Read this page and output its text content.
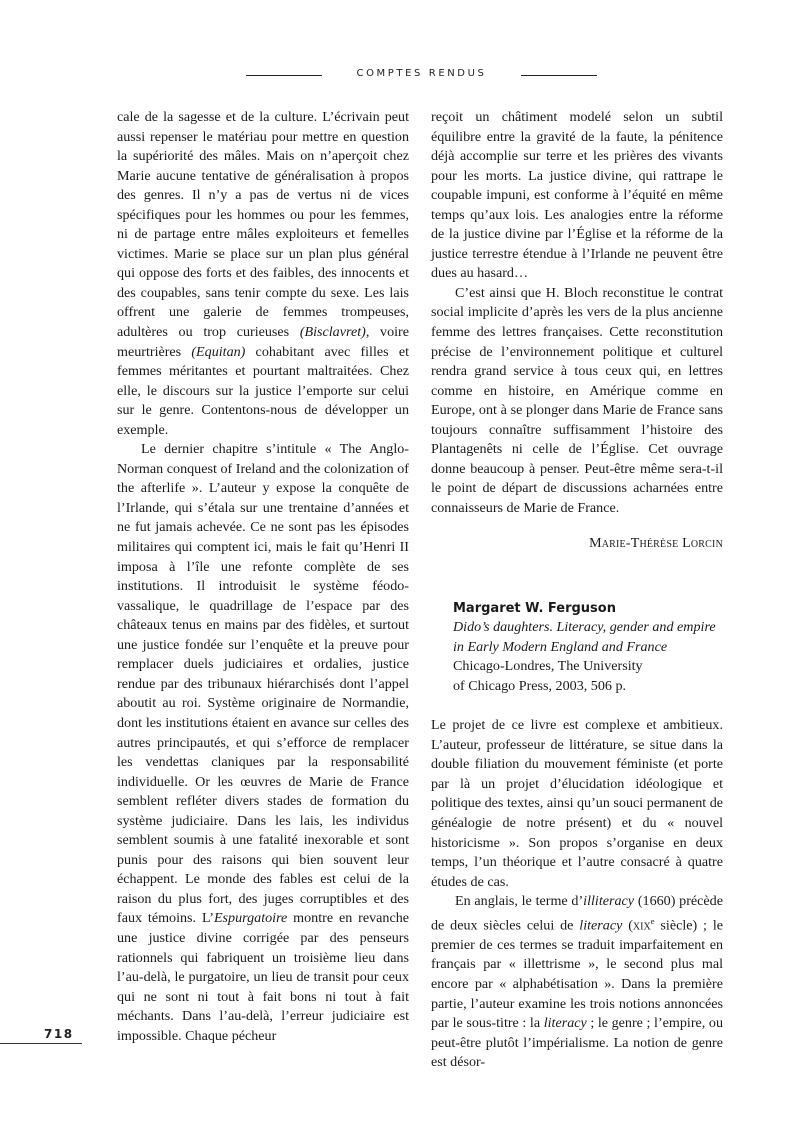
COMPTES RENDUS

cale de la sagesse et de la culture. L’écrivain peut aussi repenser le matériau pour mettre en question la supériorité des mâles. Mais on n’aperçoit chez Marie aucune tentative de généralisation à propos des genres. Il n’y a pas de vertus ni de vices spécifiques pour les hommes ou pour les femmes, ni de partage entre mâles exploiteurs et femelles victimes. Marie se place sur un plan plus général qui oppose des forts et des faibles, des innocents et des coupables, sans tenir compte du sexe. Les lais offrent une galerie de femmes trompeuses, adultères ou trop curieuses (Bisclavret), voire meurtrières (Equitan) cohabitant avec filles et femmes méritantes et pourtant maltraitées. Chez elle, le discours sur la justice l’emporte sur celui sur le genre. Contentons-nous de développer un exemple.

Le dernier chapitre s’intitule « The Anglo-Norman conquest of Ireland and the colonization of the afterlife ». L’auteur y expose la conquête de l’Irlande, qui s’étala sur une trentaine d’années et ne fut jamais achevée. Ce ne sont pas les épisodes militaires qui comptent ici, mais le fait qu’Henri II imposa à l’île une refonte complète de ses institutions. Il introduisit le système féodo-vassalique, le quadrillage de l’espace par des châteaux tenus en mains par des fidèles, et surtout une justice fondée sur l’enquête et la preuve pour remplacer duels judiciaires et ordalies, justice rendue par des tribunaux hiérarchisés dont l’appel aboutit au roi. Système originaire de Normandie, dont les institutions étaient en avance sur celles des autres principautés, et qui s’efforce de remplacer les vendettas claniques par la responsabilité individuelle. Or les œuvres de Marie de France semblent refléter divers stades de formation du système judiciaire. Dans les lais, les individus semblent soumis à une fatalité inexorable et sont punis pour des raisons qui bien souvent leur échappent. Le monde des fables est celui de la raison du plus fort, des juges corruptibles et des faux témoins. L’Espurgatoire montre en revanche une justice divine corrigée par des penseurs rationnels qui fabriquent un troisième lieu dans l’au-delà, le purgatoire, un lieu de transit pour ceux qui ne sont ni tout à fait bons ni tout à fait méchants. Dans l’au-delà, l’erreur judiciaire est impossible. Chaque pécheur

reçoit un châtiment modelé selon un subtil équilibre entre la gravité de la faute, la pénitence déjà accomplie sur terre et les prières des vivants pour les morts. La justice divine, qui rattrape le coupable impuni, est conforme à l’équité en même temps qu’aux lois. Les analogies entre la réforme de la justice divine par l’Église et la réforme de la justice terrestre étendue à l’Irlande ne peuvent être dues au hasard…

C’est ainsi que H. Bloch reconstitue le contrat social implicite d’après les vers de la plus ancienne femme des lettres françaises. Cette reconstitution précise de l’environnement politique et culturel rendra grand service à tous ceux qui, en lettres comme en histoire, en Amérique comme en Europe, ont à se plonger dans Marie de France sans toujours connaître suffisamment l’histoire des Plantagenêts ni celle de l’Église. Cet ouvrage donne beaucoup à penser. Peut-être même sera-t-il le point de départ de discussions acharnées entre connaisseurs de Marie de France.

Marie-Thérèse Lorcin
Margaret W. Ferguson
Dido’s daughters. Literacy, gender and empire
in Early Modern England and France
Chicago-Londres, The University
of Chicago Press, 2003, 506 p.

Le projet de ce livre est complexe et ambitieux. L’auteur, professeur de littérature, se situe dans la double filiation du mouvement féministe (et porte par là un projet d’élucidation idéologique et politique des textes, ainsi qu’un souci permanent de généalogie de notre présent) et du « nouvel historicisme ». Son propos s’organise en deux temps, l’un théorique et l’autre consacré à quatre études de cas.

En anglais, le terme d’illiteracy (1660) précède de deux siècles celui de literacy (xix$^e$ siècle) ; le premier de ces termes se traduit imparfaitement en français par « illettrisme », le second plus mal encore par « alphabétisation ». Dans la première partie, l’auteur examine les trois notions annoncées par le sous-titre : la literacy ; le genre ; l’empire, ou peut-être plutôt l’impérialisme. La notion de genre est désor-

718
